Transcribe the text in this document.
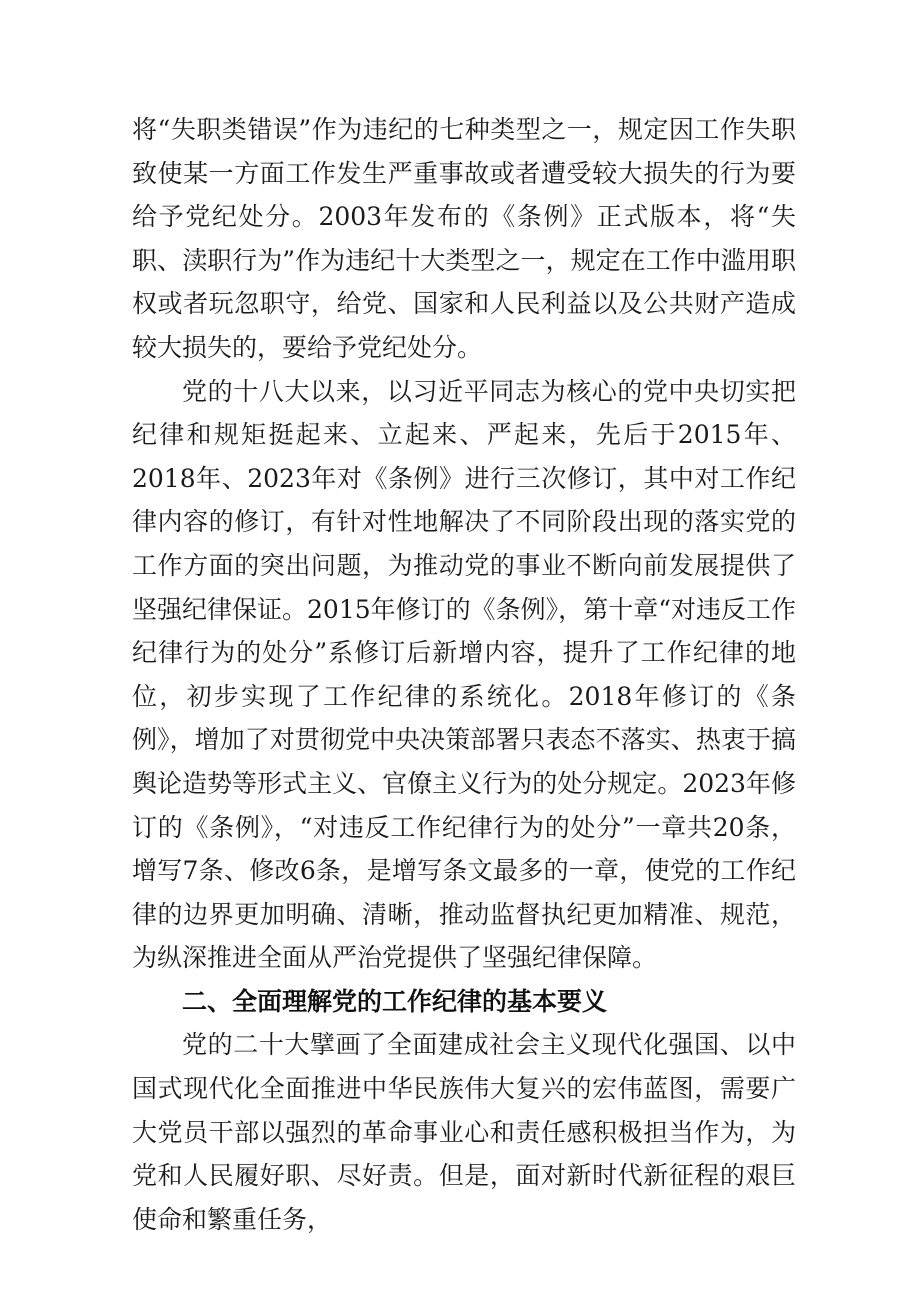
将“失职类错误”作为违纪的七种类型之一，规定因工作失职致使某一方面工作发生严重事故或者遭受较大损失的行为要给予党纪处分。2003年发布的《条例》正式版本，将“失职、渎职行为”作为违纪十大类型之一，规定在工作中滥用职权或者玩忽职守，给党、国家和人民利益以及公共财产造成较大损失的，要给予党纪处分。

党的十八大以来，以习近平同志为核心的党中央切实把纪律和规矩挺起来、立起来、严起来，先后于2015年、2018年、2023年对《条例》进行三次修订，其中对工作纪律内容的修订，有针对性地解决了不同阶段出现的落实党的工作方面的突出问题，为推动党的事业不断向前发展提供了坚强纪律保证。2015年修订的《条例》，第十章“对违反工作纪律行为的处分”系修订后新增内容，提升了工作纪律的地位，初步实现了工作纪律的系统化。2018年修订的《条例》，增加了对贯彻党中央决策部署只表态不落实、热衷于搞舆论造势等形式主义、官僚主义行为的处分规定。2023年修订的《条例》，“对违反工作纪律行为的处分”一章共20条，增写7条、修改6条，是增写条文最多的一章，使党的工作纪律的边界更加明确、清晰，推动监督执纪更加精准、规范，为纵深推进全面从严治党提供了坚强纪律保障。

二、全面理解党的工作纪律的基本要义

党的二十大擘画了全面建成社会主义现代化强国、以中国式现代化全面推进中华民族伟大复兴的宏伟蓝图，需要广大党员干部以强烈的革命事业心和责任感积极担当作为，为党和人民履好职、尽好责。但是，面对新时代新征程的艰巨使命和繁重任务，
